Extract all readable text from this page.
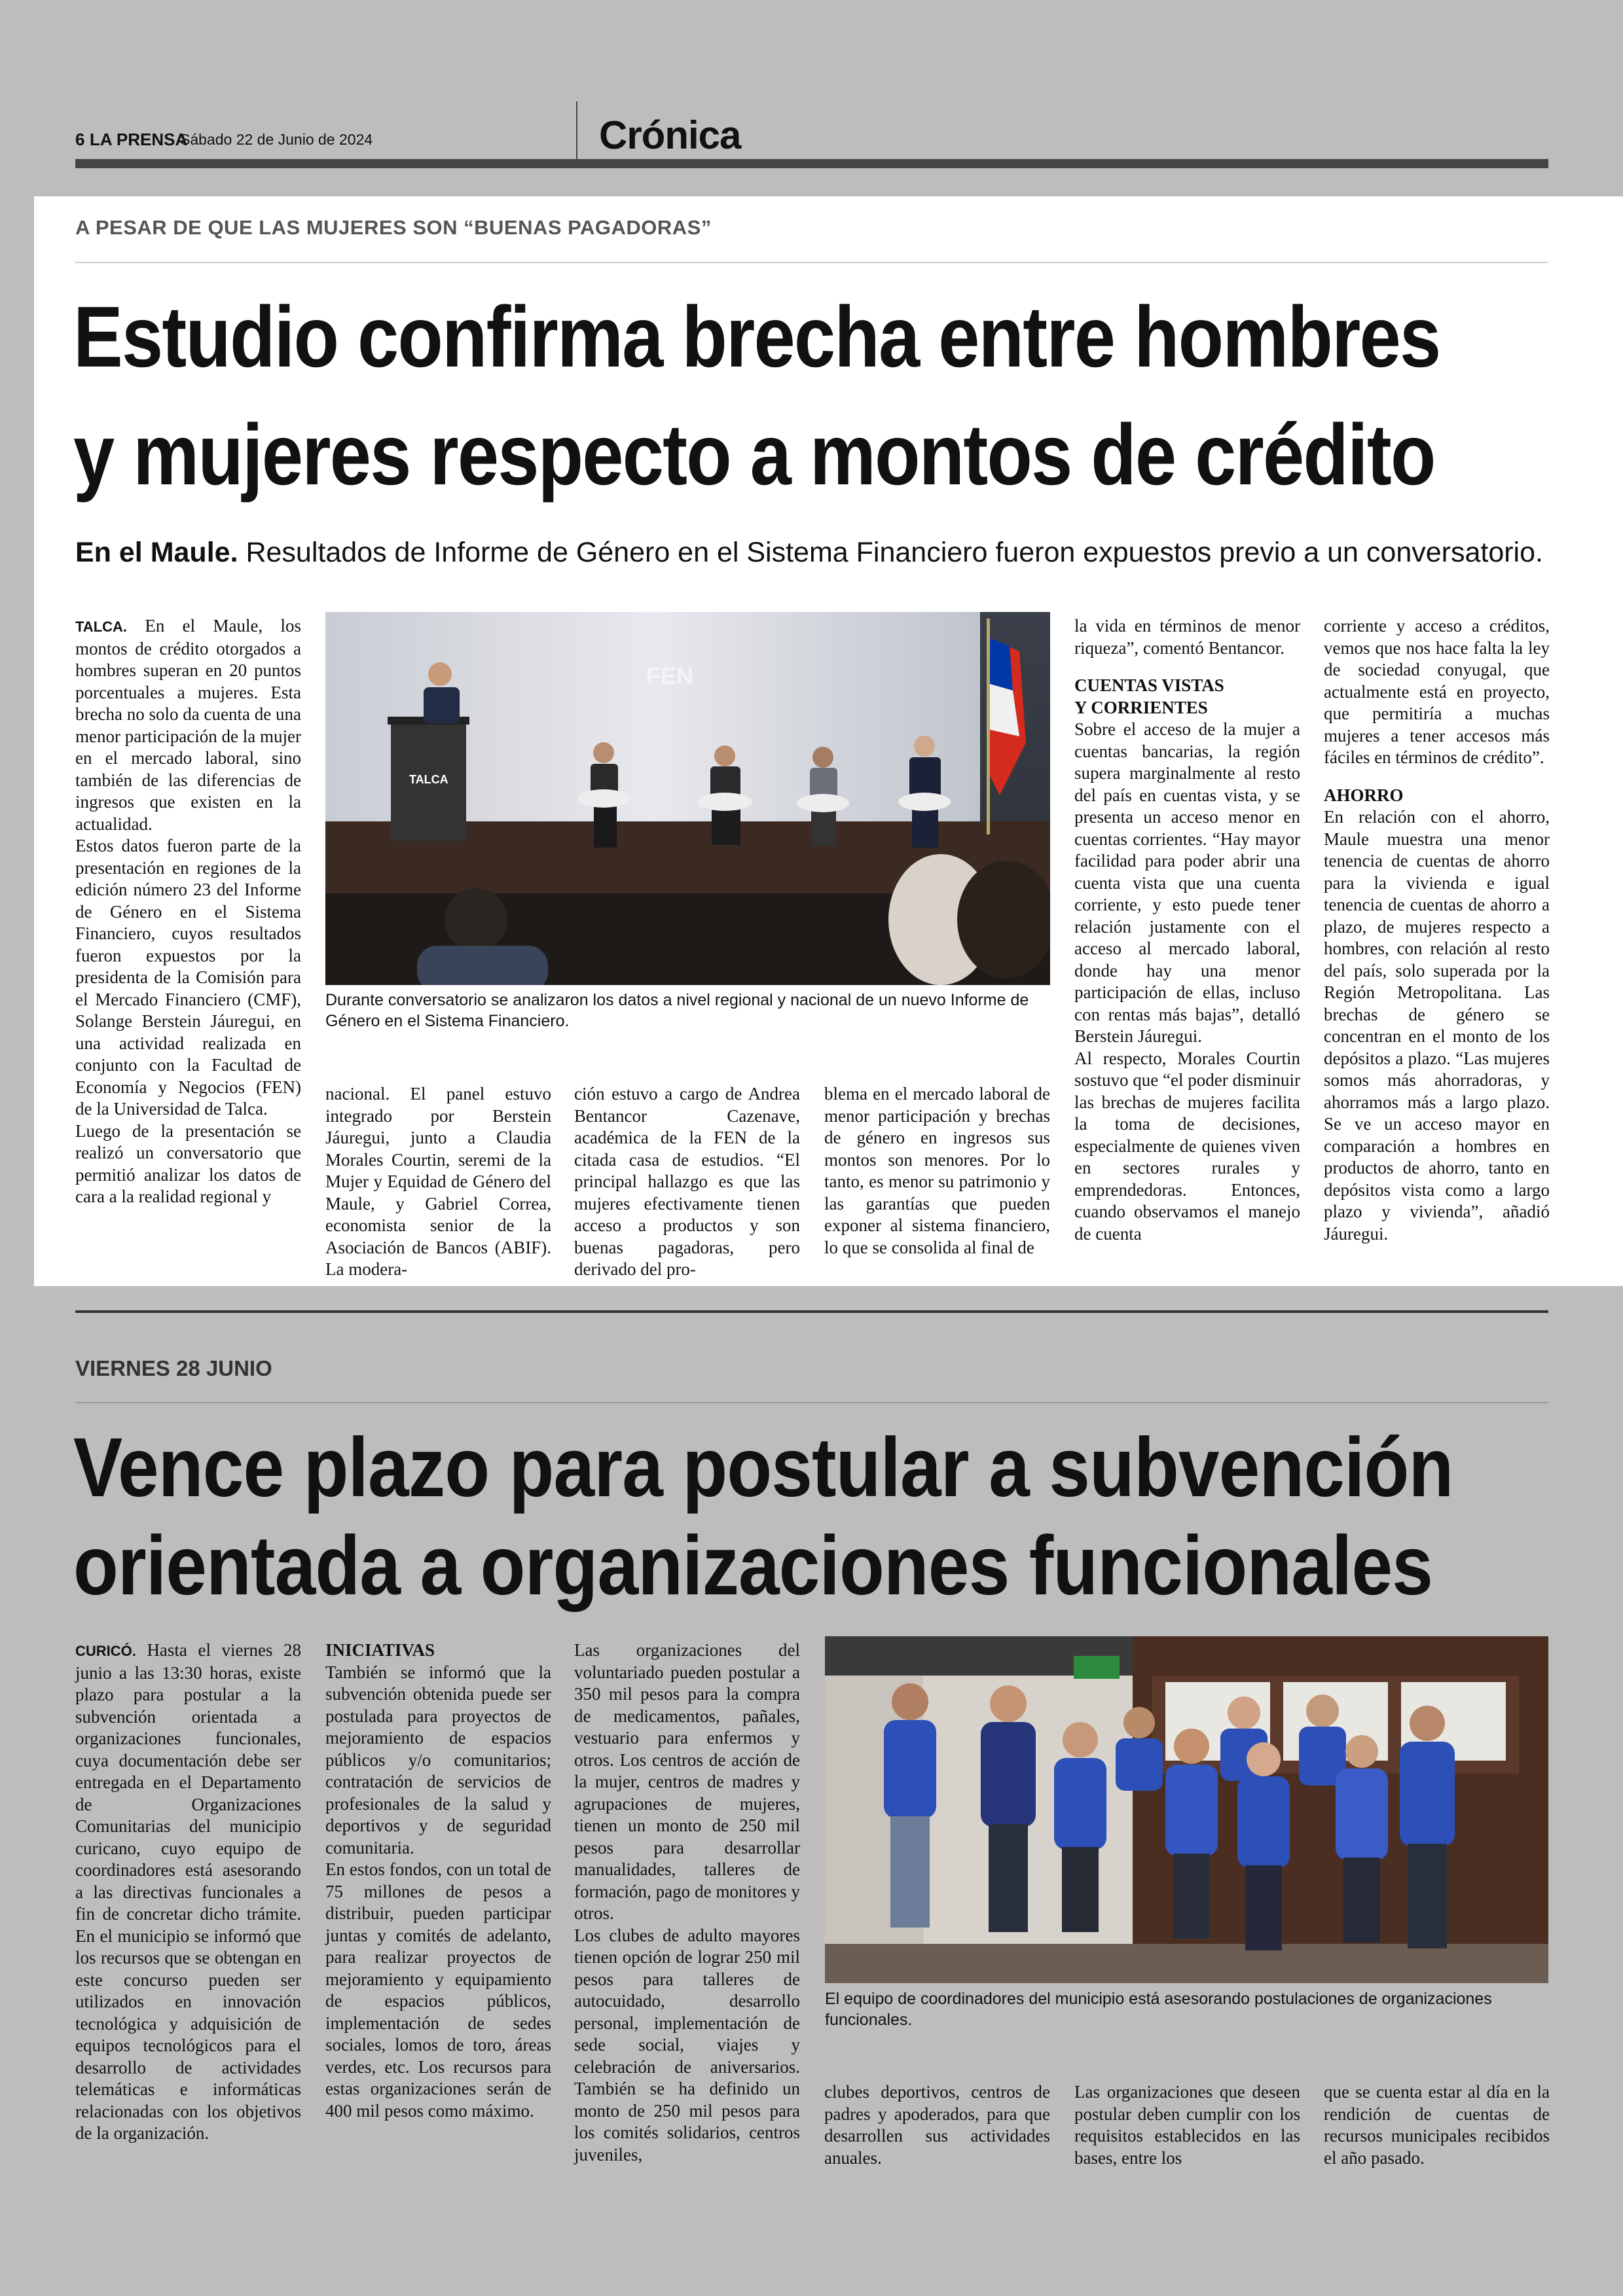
6 LA PRENSA
Sábado 22 de Junio de 2024	Crónica
A PESAR DE QUE LAS MUJERES SON “BUENAS PAGADORAS”
Estudio confirma brecha entre hombres
y mujeres respecto a montos de crédito
En el Maule. Resultados de Informe de Género en el Sistema Financiero fueron expuestos previo a un conversatorio.

TALCA. En el Maule, los montos de crédito otorgados a hombres superan en 20 puntos porcentuales a mujeres. Esta brecha no solo da cuenta de una menor participación de la mujer en el mercado laboral, sino también de las diferencias de ingresos que existen en la actualidad.

Estos datos fueron parte de la presentación en regiones de la edición número 23 del Informe de Género en el Sistema Financiero, cuyos resultados fueron expuestos por la presidenta de la Comisión para el Mercado Financiero (CMF), Solange Berstein Jáuregui, en una actividad realizada en conjunto con la Facultad de Economía y Negocios (FEN) de la Universidad de Talca.

Luego de la presentación se realizó un conversatorio que permitió analizar los datos de cara a la realidad regional y

FEN
TALCA
Durante conversatorio se analizaron los datos a nivel regional y nacional de un nuevo Informe de Género en el Sistema Financiero.
nacional. El panel estuvo integrado por Berstein Jáuregui, junto a Claudia Morales Courtin, seremi de la Mujer y Equidad de Género del Maule, y Gabriel Correa, economista senior de la Asociación de Bancos (ABIF). La modera-
ción estuvo a cargo de Andrea Bentancor Cazenave, académica de la FEN de la citada casa de estudios. “El principal hallazgo es que las mujeres efectivamente tienen acceso a productos y son buenas pagadoras, pero derivado del pro-
blema en el mercado laboral de menor participación y brechas de género en ingresos sus montos son menores. Por lo tanto, es menor su patrimonio y las garantías que pueden exponer al sistema financiero, lo que se consolida al final de

la vida en términos de menor riqueza”, comentó Bentancor.

CUENTAS VISTAS Y CORRIENTES

Sobre el acceso de la mujer a cuentas bancarias, la región supera marginalmente al resto del país en cuentas vista, y se presenta un acceso menor en cuentas corrientes. “Hay mayor facilidad para poder abrir una cuenta vista que una cuenta corriente, y esto puede tener relación justamente con el acceso al mercado laboral, donde hay una menor participación de ellas, incluso con rentas más bajas”, detalló Berstein Jáuregui.

Al respecto, Morales Courtin sostuvo que “el poder disminuir las brechas de mujeres facilita la toma de decisiones, especialmente de quienes viven en sectores rurales y emprendedoras. Entonces, cuando observamos el manejo de cuenta

corriente y acceso a créditos, vemos que nos hace falta la ley de sociedad conyugal, que actualmente está en proyecto, que permitiría a muchas mujeres a tener accesos más fáciles en términos de crédito”.

AHORRO

En relación con el ahorro, Maule muestra una menor tenencia de cuentas de ahorro para la vivienda e igual tenencia de cuentas de ahorro a plazo, de mujeres respecto a hombres, con relación al resto del país, solo superada por la Región Metropolitana. Las brechas de género se concentran en el monto de los depósitos a plazo. “Las mujeres somos más ahorradoras, y ahorramos más a largo plazo. Se ve un acceso mayor en comparación a hombres en productos de ahorro, tanto en depósitos vista como a largo plazo y vivienda”, añadió Jáuregui.

VIERNES 28 JUNIO
Vence plazo para postular a subvención
orientada a organizaciones funcionales

CURICÓ. Hasta el viernes 28 junio a las 13:30 horas, existe plazo para postular a la subvención orientada a organizaciones funcionales, cuya documentación debe ser entregada en el Departamento de Organizaciones Comunitarias del municipio curicano, cuyo equipo de coordinadores está asesorando a las directivas funcionales a fin de concretar dicho trámite. En el municipio se informó que los recursos que se obtengan en este concurso pueden ser utilizados en innovación tecnológica y adquisición de equipos tecnológicos para el desarrollo de actividades telemáticas e informáticas relacionadas con los objetivos de la organización.

INICIATIVAS

También se informó que la subvención obtenida puede ser postulada para proyectos de mejoramiento de espacios públicos y/o comunitarios; contratación de servicios de profesionales de la salud y deportivos y de seguridad comunitaria.

En estos fondos, con un total de 75 millones de pesos a distribuir, pueden participar juntas y comités de adelanto, para realizar proyectos de mejoramiento y equipamiento de espacios públicos, implementación de sedes sociales, lomos de toro, áreas verdes, etc. Los recursos para estas organizaciones serán de 400 mil pesos como máximo.

Las organizaciones del voluntariado pueden postular a 350 mil pesos para la compra de medicamentos, pañales, vestuario para enfermos y otros. Los centros de acción de la mujer, centros de madres y agrupaciones de mujeres, tienen un monto de 250 mil pesos para desarrollar manualidades, talleres de formación, pago de monitores y otros.

Los clubes de adulto mayores tienen opción de lograr 250 mil pesos para talleres de autocuidado, desarrollo personal, implementación de sede social, viajes y celebración de aniversarios. También se ha definido un monto de 250 mil pesos para los comités solidarios, centros juveniles,

El equipo de coordinadores del municipio está asesorando postulaciones de organizaciones funcionales.
clubes deportivos, centros de padres y apoderados, para que desarrollen sus actividades anuales.
Las organizaciones que deseen postular deben cumplir con los requisitos establecidos en las bases, entre los
que se cuenta estar al día en la rendición de cuentas de recursos municipales recibidos el año pasado.
